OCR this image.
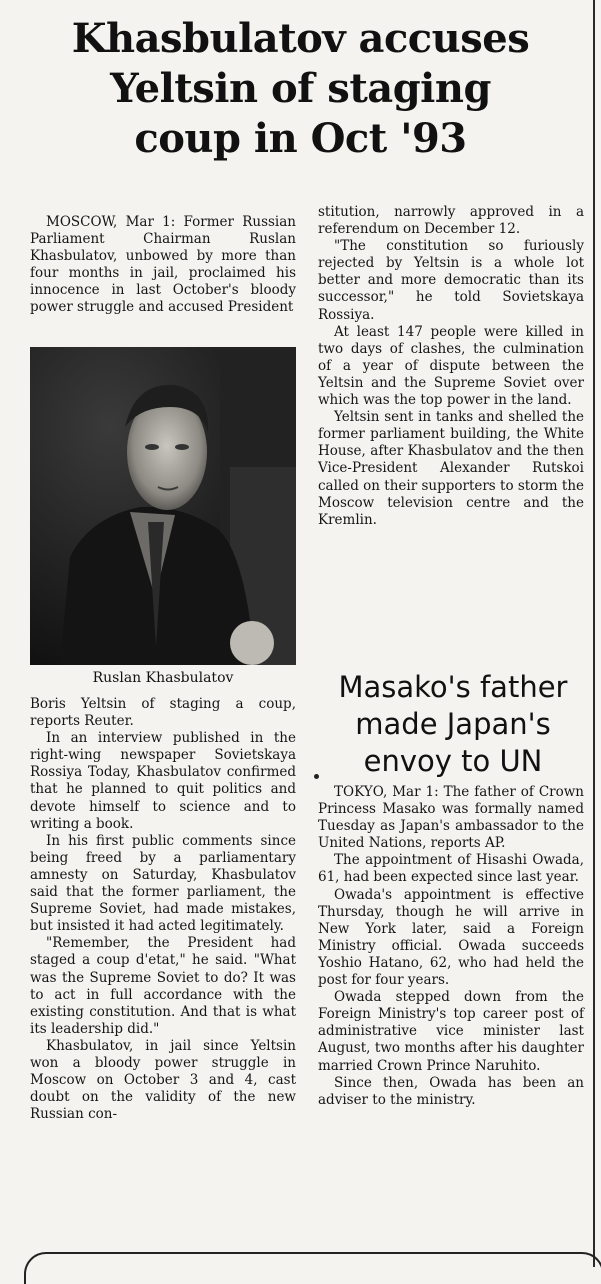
Khasbulatov accuses
Yeltsin of staging
coup in Oct '93

MOSCOW, Mar 1: Former Russian Parliament Chairman Ruslan Khasbulatov, unbowed by more than four months in jail, proclaimed his innocence in last October's bloody power struggle and accused President

Ruslan Khasbulatov

Boris Yeltsin of staging a coup, reports Reuter.

In an interview published in the right-wing newspaper Sovietskaya Rossiya Today, Khasbulatov confirmed that he planned to quit politics and devote himself to science and to writing a book.

In his first public comments since being freed by a parliamentary amnesty on Saturday, Khasbulatov said that the former parliament, the Supreme Soviet, had made mistakes, but insisted it had acted legitimately.

"Remember, the President had staged a coup d'etat," he said. "What was the Supreme Soviet to do? It was to act in full accordance with the existing constitution. And that is what its leadership did."

Khasbulatov, in jail since Yeltsin won a bloody power struggle in Moscow on October 3 and 4, cast doubt on the validity of the new Russian con-

stitution, narrowly approved in a referendum on December 12.

"The constitution so furiously rejected by Yeltsin is a whole lot better and more democratic than its successor," he told Sovietskaya Rossiya.

At least 147 people were killed in two days of clashes, the culmination of a year of dispute between the Yeltsin and the Supreme Soviet over which was the top power in the land.

Yeltsin sent in tanks and shelled the former parliament building, the White House, after Khasbulatov and the then Vice-President Alexander Rutskoi called on their supporters to storm the Moscow television centre and the Kremlin.

Masako's father
made Japan's
envoy to UN

TOKYO, Mar 1: The father of Crown Princess Masako was formally named Tuesday as Japan's ambassador to the United Nations, reports AP.

The appointment of Hisashi Owada, 61, had been expected since last year.

Owada's appointment is effective Thursday, though he will arrive in New York later, said a Foreign Ministry official. Owada succeeds Yoshio Hatano, 62, who had held the post for four years.

Owada stepped down from the Foreign Ministry's top career post of administrative vice minister last August, two months after his daughter married Crown Prince Naruhito.

Since then, Owada has been an adviser to the ministry.
